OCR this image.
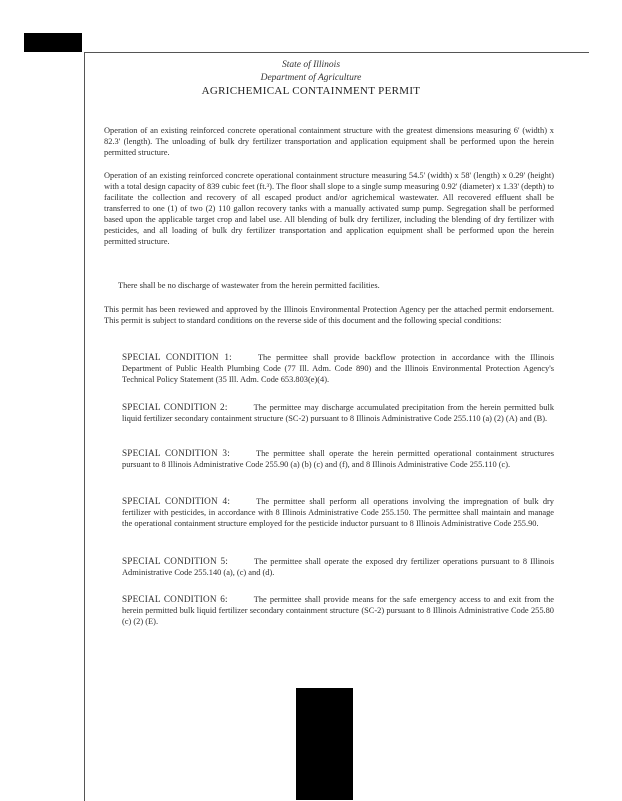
State of Illinois
Department of Agriculture
AGRICHEMICAL CONTAINMENT PERMIT

Operation of an existing reinforced concrete operational containment structure with the greatest dimensions measuring 6' (width) x 82.3' (length). The unloading of bulk dry fertilizer transportation and application equipment shall be performed upon the herein permitted structure.

Operation of an existing reinforced concrete operational containment structure measuring 54.5' (width) x 58' (length) x 0.29' (height) with a total design capacity of 839 cubic feet (ft.³). The floor shall slope to a single sump measuring 0.92' (diameter) x 1.33' (depth) to facilitate the collection and recovery of all escaped product and/or agrichemical wastewater. All recovered effluent shall be transferred to one (1) of two (2) 110 gallon recovery tanks with a manually activated sump pump. Segregation shall be performed based upon the applicable target crop and label use. All blending of bulk dry fertilizer, including the blending of dry fertilizer with pesticides, and all loading of bulk dry fertilizer transportation and application equipment shall be performed upon the herein permitted structure.

There shall be no discharge of wastewater from the herein permitted facilities.

This permit has been reviewed and approved by the Illinois Environmental Protection Agency per the attached permit endorsement. This permit is subject to standard conditions on the reverse side of this document and the following special conditions:

SPECIAL CONDITION 1:	The permittee shall provide backflow protection in accordance with the Illinois Department of Public Health Plumbing Code (77 Ill. Adm. Code 890) and the Illinois Environmental Protection Agency's Technical Policy Statement (35 Ill. Adm. Code 653.803(e)(4).

SPECIAL CONDITION 2:	The permittee may discharge accumulated precipitation from the herein permitted bulk liquid fertilizer secondary containment structure (SC-2) pursuant to 8 Illinois Administrative Code 255.110 (a) (2) (A) and (B).

SPECIAL CONDITION 3:	The permittee shall operate the herein permitted operational containment structures pursuant to 8 Illinois Administrative Code 255.90 (a) (b) (c) and (f), and 8 Illinois Administrative Code 255.110 (c).

SPECIAL CONDITION 4:	The permittee shall perform all operations involving the impregnation of bulk dry fertilizer with pesticides, in accordance with 8 Illinois Administrative Code 255.150. The permittee shall maintain and manage the operational containment structure employed for the pesticide inductor pursuant to 8 Illinois Administrative Code 255.90.

SPECIAL CONDITION 5:	The permittee shall operate the exposed dry fertilizer operations pursuant to 8 Illinois Administrative Code 255.140 (a), (c) and (d).

SPECIAL CONDITION 6:	The permittee shall provide means for the safe emergency access to and exit from the herein permitted bulk liquid fertilizer secondary containment structure (SC-2) pursuant to 8 Illinois Administrative Code 255.80 (c) (2) (E).
